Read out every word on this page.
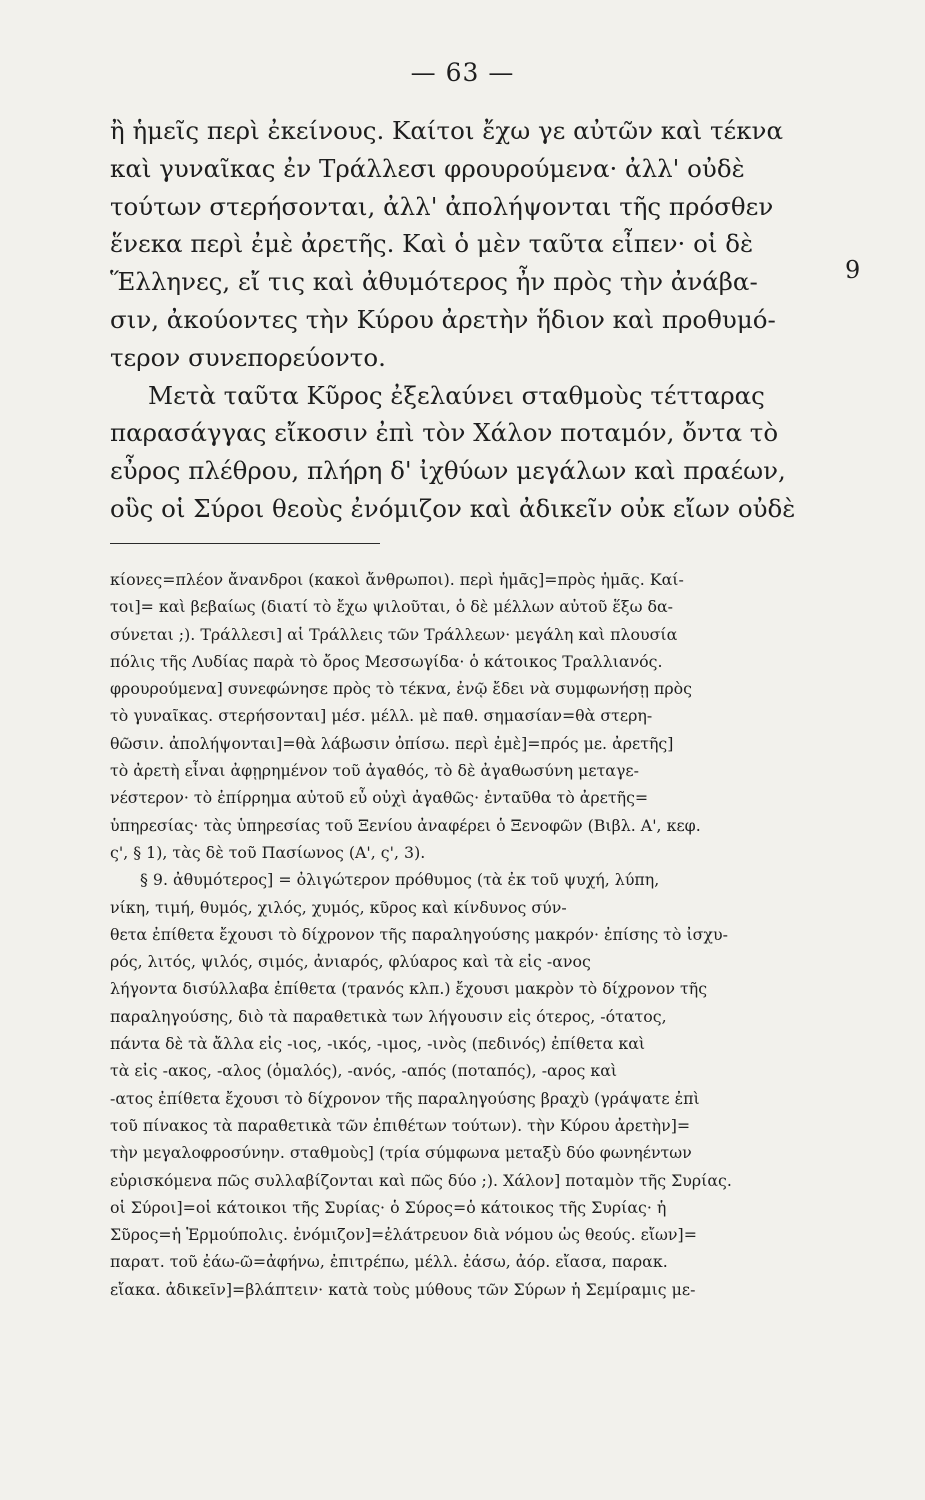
— 63 —
ἢ ἡμεῖς περὶ ἐκείνους. Καίτοι ἔχω γε αὐτῶν καὶ τέκνα
καὶ γυναῖκας ἐν Τράλλεσι φρουρούμενα· ἀλλ' οὐδὲ
τούτων στερήσονται, ἀλλ' ἀπολήψονται τῆς πρόσθεν
ἕνεκα περὶ ἐμὲ ἀρετῆς. Καὶ ὁ μὲν ταῦτα εἶπεν· οἱ δὲ
Ἕλληνες, εἴ τις καὶ ἀθυμότερος ἦν πρὸς τὴν ἀνάβα-
σιν, ἀκούοντες τὴν Κύρου ἀρετὴν ἥδιον καὶ προθυμό-
τερον συνεπορεύοντο.
Μετὰ ταῦτα Κῦρος ἐξελαύνει σταθμοὺς τέτταρας
παρασάγγας εἴκοσιν ἐπὶ τὸν Χάλον ποταμόν, ὄντα τὸ
εὖρος πλέθρου, πλήρη δ' ἰχθύων μεγάλων καὶ πραέων,
οὓς οἱ Σύροι θεοὺς ἐνόμιζον καὶ ἀδικεῖν οὐκ εἴων οὐδὲ
9
κίονες=πλέον ἄνανδροι (κακοὶ ἄνθρωποι). περὶ ἡμᾶς]=πρὸς ἡμᾶς. Καί-
τοι]= καὶ βεβαίως (διατί τὸ ἔχω ψιλοῦται, ὁ δὲ μέλλων αὐτοῦ ἕξω δα-
σύνεται ;). Τράλλεσι] αἱ Τράλλεις τῶν Τράλλεων· μεγάλη καὶ πλουσία
πόλις τῆς Λυδίας παρὰ τὸ ὄρος Μεσσωγίδα· ὁ κάτοικος Τραλλιανός.
φρουρούμενα] συνεφώνησε πρὸς τὸ τέκνα, ἐνῷ ἔδει νὰ συμφωνήσῃ πρὸς
τὸ γυναῖκας. στερήσονται] μέσ. μέλλ. μὲ παθ. σημασίαν=θὰ στερη-
θῶσιν. ἀπολήψονται]=θὰ λάβωσιν ὀπίσω. περὶ ἐμὲ]=πρός με. ἀρετῆς]
τὸ ἀρετὴ εἶναι ἀφῃρημένον τοῦ ἀγαθός, τὸ δὲ ἀγαθωσύνη μεταγε-
νέστερον· τὸ ἐπίρρημα αὐτοῦ εὖ οὐχὶ ἀγαθῶς· ἐνταῦθα τὸ ἀρετῆς=
ὑπηρεσίας· τὰς ὑπηρεσίας τοῦ Ξενίου ἀναφέρει ὁ Ξενοφῶν (Βιβλ. Α', κεφ.
ς', § 1), τὰς δὲ τοῦ Πασίωνος (Α', ς', 3).
§ 9. ἀθυμότερος] = ὀλιγώτερον πρόθυμος (τὰ ἐκ τοῦ ψυχή, λύπη,
νίκη, τιμή, θυμός, χιλός, χυμός, κῦρος καὶ κίνδυνος σύν-
θετα ἐπίθετα ἔχουσι τὸ δίχρονον τῆς παραληγούσης μακρόν· ἐπίσης τὸ ἰσχυ-
ρός, λιτός, ψιλός, σιμός, ἀνιαρός, φλύαρος καὶ τὰ εἰς -ανος
λήγοντα δισύλλαβα ἐπίθετα (τρανός κλπ.) ἔχουσι μακρὸν τὸ δίχρονον τῆς
παραληγούσης, διὸ τὰ παραθετικὰ των λήγουσιν εἰς ότερος, -ότατος,
πάντα δὲ τὰ ἄλλα εἰς -ιος, -ικός, -ιμος, -ινὸς (πεδινός) ἐπίθετα καὶ
τὰ εἰς -ακος, -αλος (ὁμαλός), -ανός, -απός (ποταπός), -αρος καὶ
-ατος ἐπίθετα ἔχουσι τὸ δίχρονον τῆς παραληγούσης βραχὺ (γράψατε ἐπὶ
τοῦ πίνακος τὰ παραθετικὰ τῶν ἐπιθέτων τούτων). τὴν Κύρου ἀρετὴν]=
τὴν μεγαλοφροσύνην. σταθμοὺς] (τρία σύμφωνα μεταξὺ δύο φωνηέντων
εὑρισκόμενα πῶς συλλαβίζονται καὶ πῶς δύο ;). Χάλον] ποταμὸν τῆς Συρίας.
οἱ Σύροι]=οἱ κάτοικοι τῆς Συρίας· ὁ Σύρος=ὁ κάτοικος τῆς Συρίας· ἡ
Σῦρος=ἡ Ἑρμούπολις. ἐνόμιζον]=ἐλάτρευον διὰ νόμου ὡς θεούς. εἴων]=
παρατ. τοῦ ἐάω-ῶ=ἀφήνω, ἐπιτρέπω, μέλλ. ἐάσω, ἀόρ. εἴασα, παρακ.
εἴακα. ἀδικεῖν]=βλάπτειν· κατὰ τοὺς μύθους τῶν Σύρων ἡ Σεμίραμις με-
